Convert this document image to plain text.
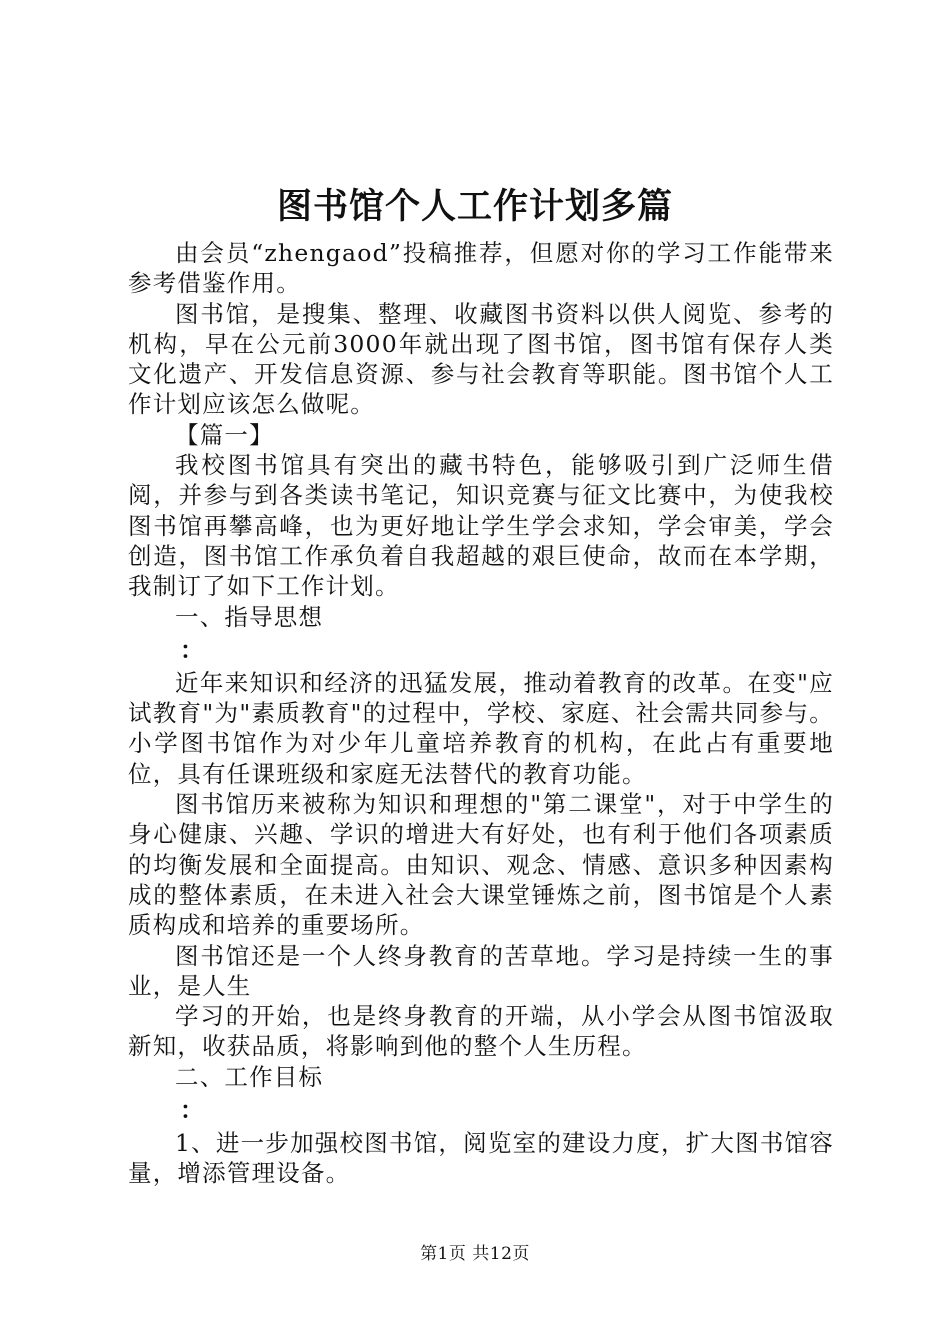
图书馆个人工作计划多篇

由会员“zhengaod”投稿推荐，但愿对你的学习工作能带来参考借鉴作用。

图书馆，是搜集、整理、收藏图书资料以供人阅览、参考的机构，早在公元前3000年就出现了图书馆，图书馆有保存人类文化遗产、开发信息资源、参与社会教育等职能。图书馆个人工作计划应该怎么做呢。

【篇一】

我校图书馆具有突出的藏书特色，能够吸引到广泛师生借阅，并参与到各类读书笔记，知识竞赛与征文比赛中，为使我校图书馆再攀高峰，也为更好地让学生学会求知，学会审美，学会创造，图书馆工作承负着自我超越的艰巨使命，故而在本学期，我制订了如下工作计划。

一、指导思想

：

近年来知识和经济的迅猛发展，推动着教育的改革。在变"应试教育"为"素质教育"的过程中，学校、家庭、社会需共同参与。小学图书馆作为对少年儿童培养教育的机构，在此占有重要地位，具有任课班级和家庭无法替代的教育功能。

图书馆历来被称为知识和理想的"第二课堂"，对于中学生的身心健康、兴趣、学识的增进大有好处，也有利于他们各项素质的均衡发展和全面提高。由知识、观念、情感、意识多种因素构成的整体素质，在未进入社会大课堂锤炼之前，图书馆是个人素质构成和培养的重要场所。

图书馆还是一个人终身教育的苦草地。学习是持续一生的事业，是人生

学习的开始，也是终身教育的开端，从小学会从图书馆汲取新知，收获品质，将影响到他的整个人生历程。

二、工作目标

：

1、进一步加强校图书馆，阅览室的建设力度，扩大图书馆容量，增添管理设备。

第1页 共12页
